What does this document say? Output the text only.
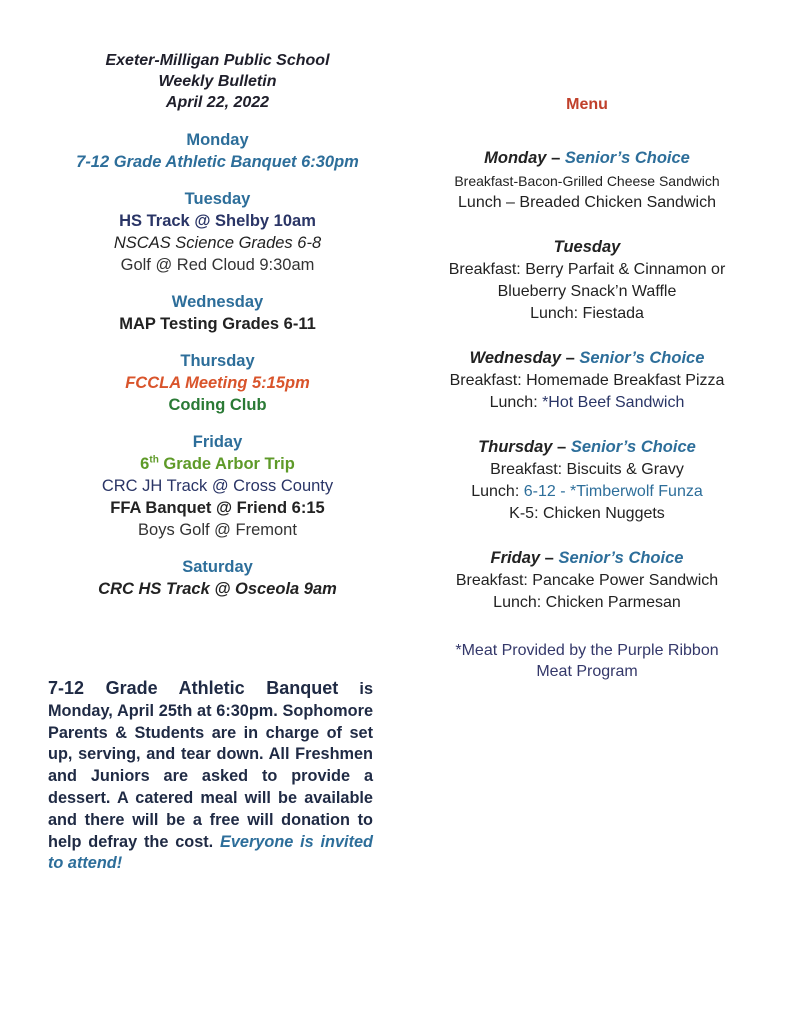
Exeter-Milligan Public School
Weekly Bulletin
April 22, 2022
Monday
7-12 Grade Athletic Banquet 6:30pm
Tuesday
HS Track @ Shelby 10am
NSCAS Science Grades 6-8
Golf @ Red Cloud 9:30am
Wednesday
MAP Testing Grades 6-11
Thursday
FCCLA Meeting 5:15pm
Coding Club
Friday
6th Grade Arbor Trip
CRC JH Track @ Cross County
FFA Banquet @ Friend 6:15
Boys Golf @ Fremont
Saturday
CRC HS Track @ Osceola 9am
7-12 Grade Athletic Banquet is Monday, April 25th at 6:30pm. Sophomore Parents & Students are in charge of set up, serving, and tear down. All Freshmen and Juniors are asked to provide a dessert. A catered meal will be available and there will be a free will donation to help defray the cost. Everyone is invited to attend!
Menu
Monday – Senior’s Choice
Breakfast-Bacon-Grilled Cheese Sandwich
Lunch – Breaded Chicken Sandwich
Tuesday
Breakfast: Berry Parfait & Cinnamon or
Blueberry Snack’n Waffle
Lunch: Fiestada
Wednesday – Senior’s Choice
Breakfast: Homemade Breakfast Pizza
Lunch: *Hot Beef Sandwich
Thursday – Senior’s Choice
Breakfast: Biscuits & Gravy
Lunch: 6-12 - *Timberwolf Funza
K-5: Chicken Nuggets
Friday – Senior’s Choice
Breakfast: Pancake Power Sandwich
Lunch: Chicken Parmesan
*Meat Provided by the Purple Ribbon
Meat Program
